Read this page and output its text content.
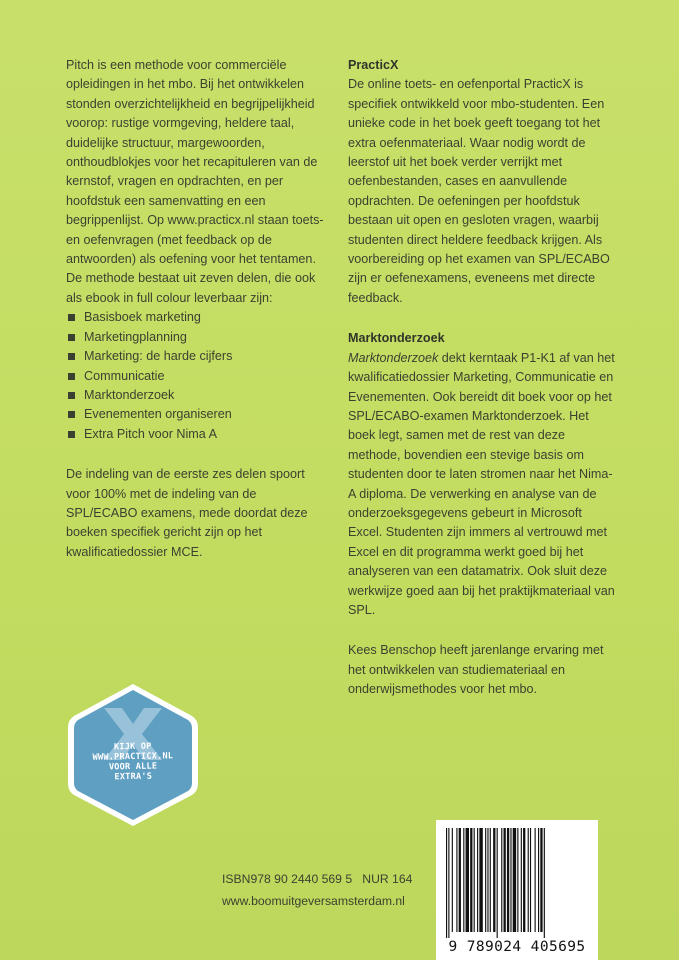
Pitch is een methode voor commerciële opleidingen in het mbo. Bij het ontwikkelen stonden overzichtelijkheid en begrijpelijkheid voorop: rustige vormgeving, heldere taal, duidelijke structuur, margewoorden, onthoudblokjes voor het recapituleren van de kernstof, vragen en opdrachten, en per hoofdstuk een samenvatting en een begrippenlijst. Op www.practicx.nl staan toets- en oefenvragen (met feedback op de antwoorden) als oefening voor het tentamen. De methode bestaat uit zeven delen, die ook als ebook in full colour leverbaar zijn:

Basisboek marketing
Marketingplanning
Marketing: de harde cijfers
Communicatie
Marktonderzoek
Evenementen organiseren
Extra Pitch voor Nima A

De indeling van de eerste zes delen spoort voor 100% met de indeling van de SPL/ECABO examens, mede doordat deze boeken specifiek gericht zijn op het kwalificatiedossier MCE.

PracticX

De online toets- en oefenportal PracticX is specifiek ontwikkeld voor mbo-studenten. Een unieke code in het boek geeft toegang tot het extra oefenmateriaal. Waar nodig wordt de leerstof uit het boek verder verrijkt met oefenbestanden, cases en aanvullende opdrachten. De oefeningen per hoofdstuk bestaan uit open en gesloten vragen, waarbij studenten direct heldere feedback krijgen. Als voorbereiding op het examen van SPL/ECABO zijn er oefenexamens, eveneens met directe feedback.

Marktonderzoek

Marktonderzoek dekt kerntaak P1-K1 af van het kwalificatiedossier Marketing, Communicatie en Evenementen. Ook bereidt dit boek voor op het SPL/ECABO-examen Marktonderzoek. Het boek legt, samen met de rest van deze methode, bovendien een stevige basis om studenten door te laten stromen naar het Nima-A diploma. De verwerking en analyse van de onderzoeksgegevens gebeurt in Microsoft Excel. Studenten zijn immers al vertrouwd met Excel en dit programma werkt goed bij het analyseren van een datamatrix. Ook sluit deze werkwijze goed aan bij het praktijkmateriaal van SPL.

Kees Benschop heeft jarenlange ervaring met het ontwikkelen van studiemateriaal en onderwijsmethodes voor het mbo.

KIJK OP
WWW.PRACTICX.NL
VOOR ALLE
EXTRA'S
ISBN978 90 2440 569 5   NUR 164
www.boomuitgeversamsterdam.nl
9 789024 405695
